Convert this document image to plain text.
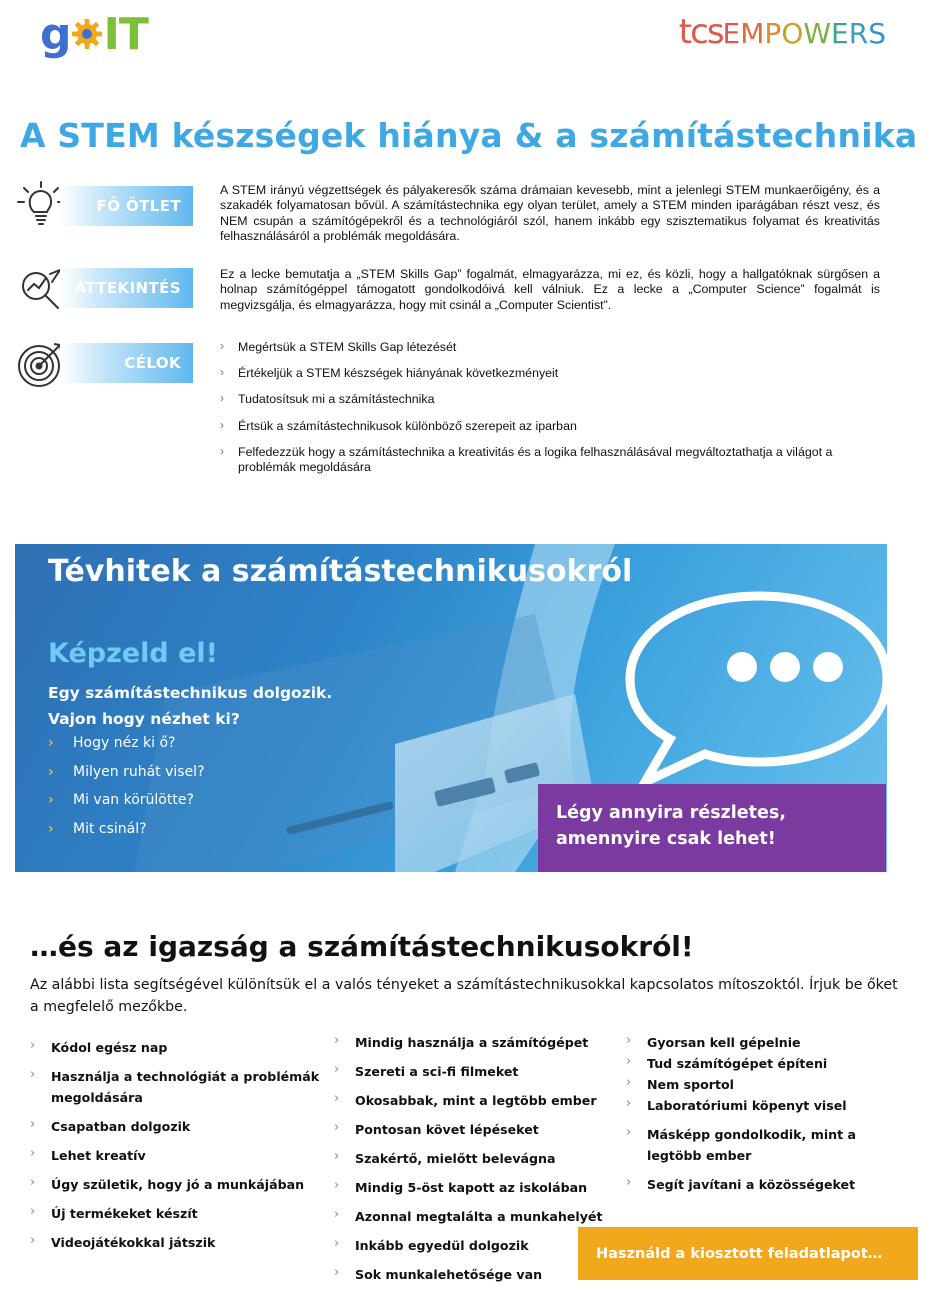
g IT	tcs EMPOWERS
A STEM készségek hiánya & a számítástechnika
FŐ ÖTLET

A STEM irányú végzettségek és pályakeresők száma drámaian kevesebb, mint a jelenlegi STEM munkaerőigény, és a szakadék folyamatosan bővül. A számítástechnika egy olyan terület, amely a STEM minden iparágában részt vesz, és NEM csupán a számítógépekről és a technológiáról szól, hanem inkább egy szisztematikus folyamat és kreativitás felhasználásáról a problémák megoldására.

ÁTTEKINTÉS

Ez a lecke bemutatja a „STEM Skills Gap” fogalmát, elmagyarázza, mi ez, és közli, hogy a hallgatóknak sürgősen a holnap számítógéppel támogatott gondolkodóivá kell válniuk. Ez a lecke a „Computer Science” fogalmát is megvizsgálja, és elmagyarázza, hogy mit csinál a „Computer Scientist”.

CÉLOK
› Megértsük a STEM Skills Gap létezését
› Értékeljük a STEM készségek hiányának következményeit
› Tudatosítsuk mi a számítástechnika
› Értsük a számítástechnikusok különböző szerepeit az iparban
› Felfedezzük hogy a számítástechnika a kreativitás és a logika felhasználásával megváltoztathatja a világot a problémák megoldására
Tévhitek a számítástechnikusokról
Képzeld el!
Egy számítástechnikus dolgozik.
Vajon hogy nézhet ki?
› Hogy néz ki ő?
› Milyen ruhát visel?
› Mi van körülötte?
› Mit csinál?
Légy annyira részletes,
amennyire csak lehet!
…és az igazság a számítástechnikusokról!

Az alábbi lista segítségével különítsük el a valós tényeket a számítástechnikusokkal kapcsolatos mítoszoktól. Írjuk be őket a megfelelő mezőkbe.

› Kódol egész nap
› Használja a technológiát a problémák megoldására
› Csapatban dolgozik
› Lehet kreatív
› Úgy születik, hogy jó a munkájában
› Új termékeket készít
› Videojátékokkal játszik
› Mindig használja a számítógépet
› Szereti a sci-fi filmeket
› Okosabbak, mint a legtöbb ember
› Pontosan követ lépéseket
› Szakértő, mielőtt belevágna
› Mindig 5-öst kapott az iskolában
› Azonnal megtalálta a munkahelyét
› Inkább egyedül dolgozik
› Sok munkalehetősége van
› Gyorsan kell gépelnie
› Tud számítógépet építeni
› Nem sportol
› Laboratóriumi köpenyt visel
› Másképp gondolkodik, mint a legtöbb ember
› Segít javítani a közösségeket
Használd a kiosztott feladatlapot…
